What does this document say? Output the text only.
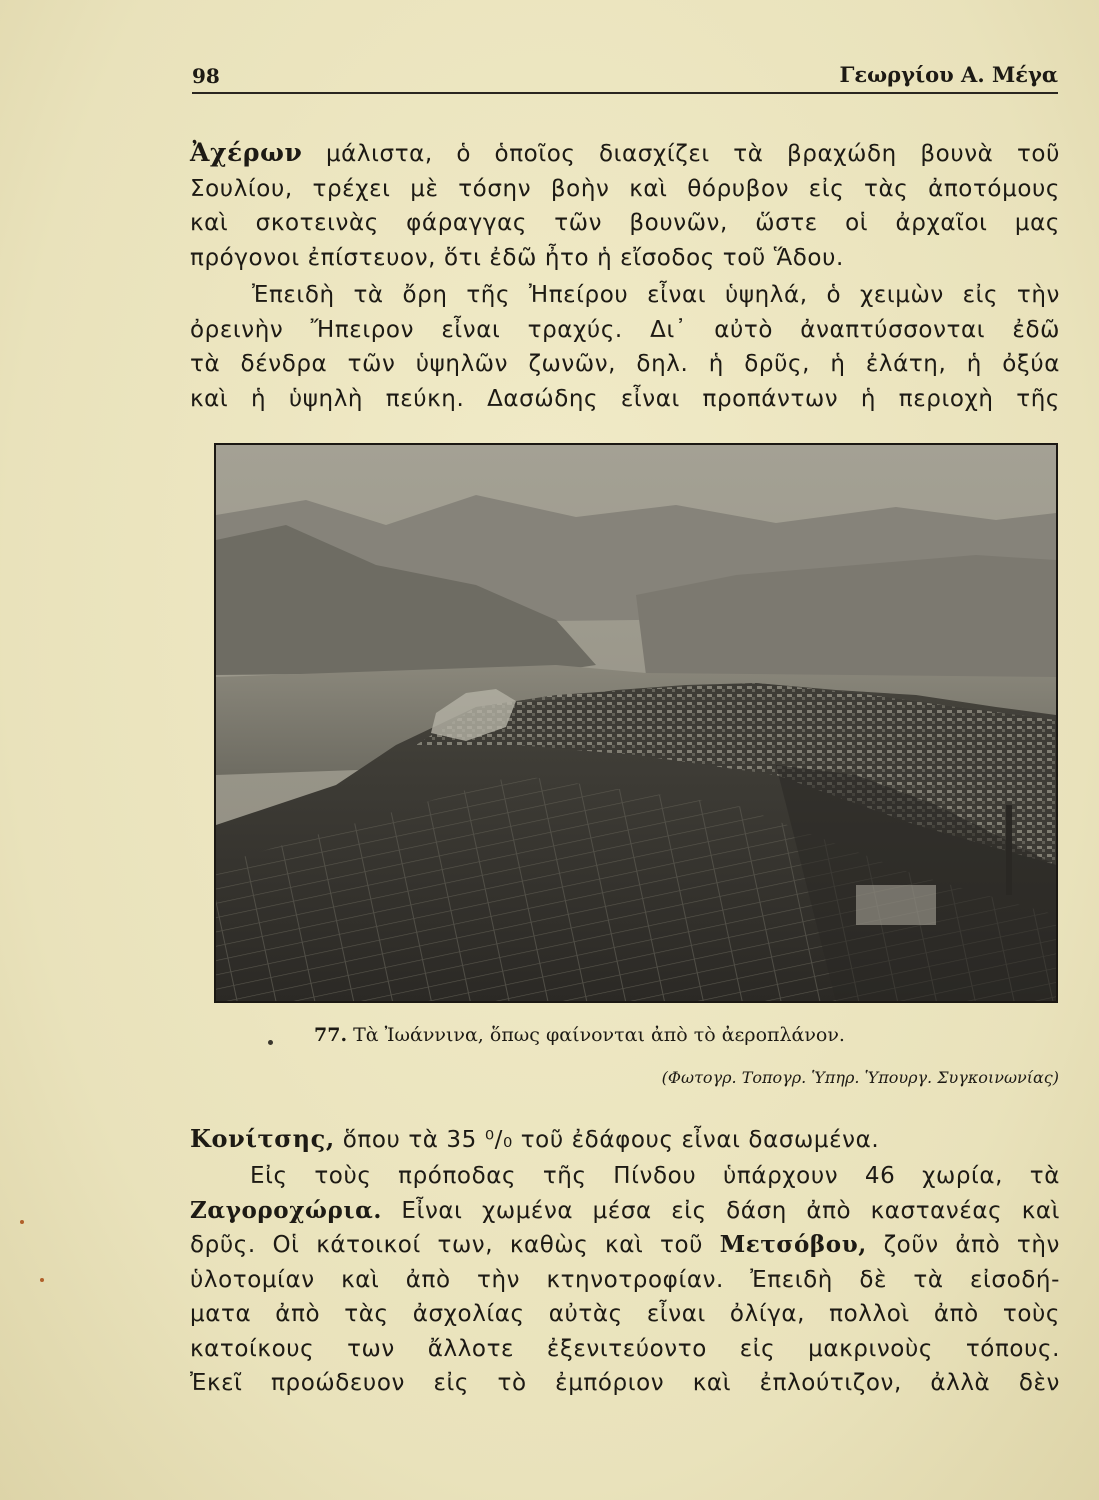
98	Γεωργίου Α. Μέγα
Ἀχέρων μάλιστα, ὁ ὁποῖος διασχίζει τὰ βραχώδη βουνὰ τοῦ
Σουλίου, τρέχει μὲ τόσην βοὴν καὶ θόρυβον εἰς τὰς ἀποτόμους
καὶ σκοτεινὰς φάραγγας τῶν βουνῶν, ὥστε οἱ ἀρχαῖοι μας
πρόγονοι ἐπίστευον, ὅτι ἐδῶ ἦτο ἡ εἴσοδος τοῦ Ἅδου.
Ἐπειδὴ τὰ ὄρη τῆς Ἠπείρου εἶναι ὑψηλά, ὁ χειμὼν εἰς τὴν
ὀρεινὴν Ἤπειρον εἶναι τραχύς. Δι᾿ αὐτὸ ἀναπτύσσονται ἐδῶ
τὰ δένδρα τῶν ὑψηλῶν ζωνῶν, δηλ. ἡ δρῦς, ἡ ἐλάτη, ἡ ὀξύα
καὶ ἡ ὑψηλὴ πεύκη. Δασώδης εἶναι προπάντων ἡ περιοχὴ τῆς
77. Τὰ Ἰωάννινα, ὅπως φαίνονται ἀπὸ τὸ ἀεροπλάνον.
(Φωτογρ. Τοπογρ. Ὑπηρ. Ὑπουργ. Συγκοινωνίας)
Κονίτσης, ὅπου τὰ 35 ⁰/₀ τοῦ ἐδάφους εἶναι δασωμένα.
Εἰς τοὺς πρόποδας τῆς Πίνδου ὑπάρχουν 46 χωρία, τὰ
Ζαγοροχώρια. Εἶναι χωμένα μέσα εἰς δάση ἀπὸ καστανέας καὶ
δρῦς. Οἱ κάτοικοί των, καθὼς καὶ τοῦ Μετσόβου, ζοῦν ἀπὸ τὴν
ὑλοτομίαν καὶ ἀπὸ τὴν κτηνοτροφίαν. Ἐπειδὴ δὲ τὰ εἰσοδή-
ματα ἀπὸ τὰς ἀσχολίας αὐτὰς εἶναι ὀλίγα, πολλοὶ ἀπὸ τοὺς
κατοίκους των ἄλλοτε ἐξενιτεύοντο εἰς μακρινοὺς τόπους.
Ἐκεῖ προώδευον εἰς τὸ ἐμπόριον καὶ ἐπλούτιζον, ἀλλὰ δὲν
